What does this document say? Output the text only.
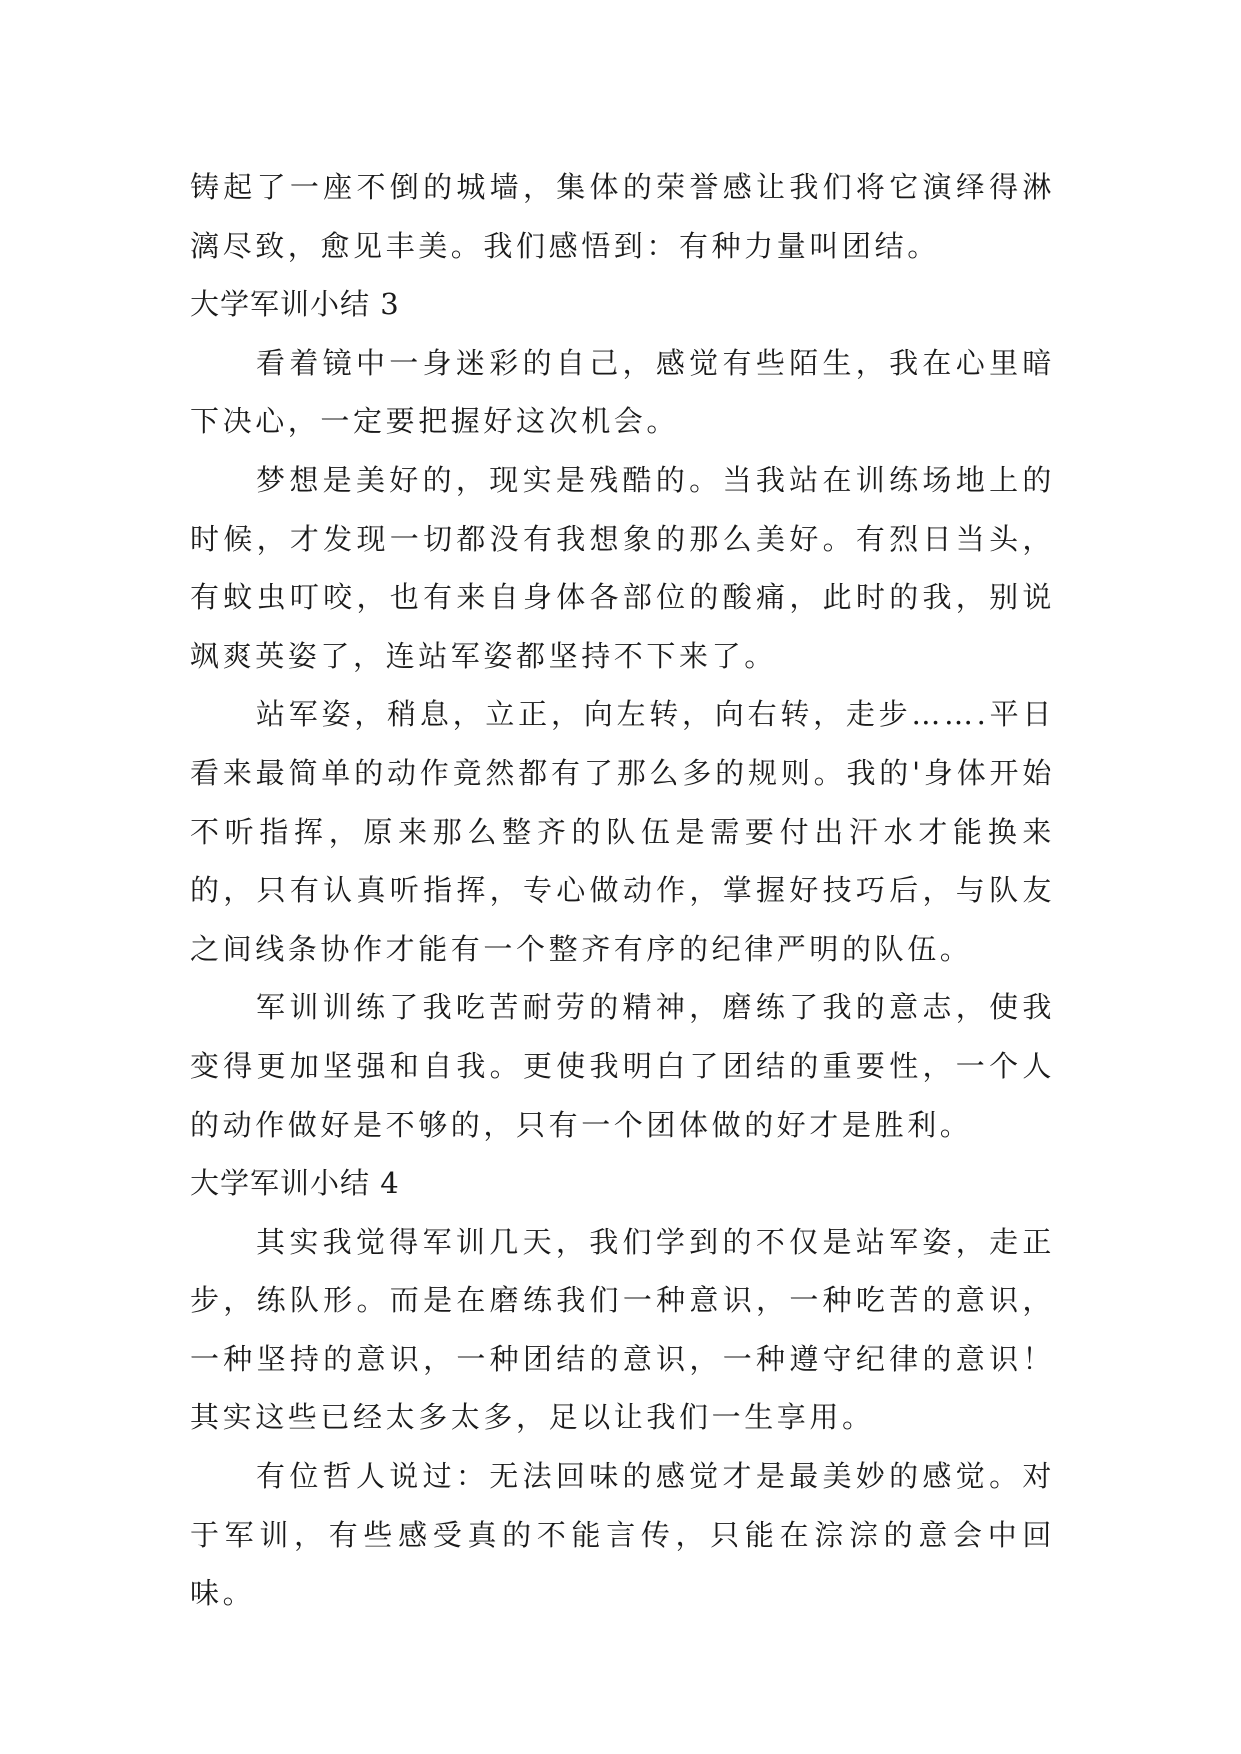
铸起了一座不倒的城墙，集体的荣誉感让我们将它演绎得淋漓尽致，愈见丰美。我们感悟到：有种力量叫团结。

大学军训小结 3

看着镜中一身迷彩的自己，感觉有些陌生，我在心里暗下决心，一定要把握好这次机会。

梦想是美好的，现实是残酷的。当我站在训练场地上的时候，才发现一切都没有我想象的那么美好。有烈日当头，有蚊虫叮咬，也有来自身体各部位的酸痛，此时的我，别说飒爽英姿了，连站军姿都坚持不下来了。

站军姿，稍息，立正，向左转，向右转，走步…….平日看来最简单的动作竟然都有了那么多的规则。我的'身体开始不听指挥，原来那么整齐的队伍是需要付出汗水才能换来的，只有认真听指挥，专心做动作，掌握好技巧后，与队友之间线条协作才能有一个整齐有序的纪律严明的队伍。

军训训练了我吃苦耐劳的精神，磨练了我的意志，使我变得更加坚强和自我。更使我明白了团结的重要性，一个人的动作做好是不够的，只有一个团体做的好才是胜利。

大学军训小结 4

其实我觉得军训几天，我们学到的不仅是站军姿，走正步，练队形。而是在磨练我们一种意识，一种吃苦的意识，一种坚持的意识，一种团结的意识，一种遵守纪律的意识！其实这些已经太多太多，足以让我们一生享用。

有位哲人说过：无法回味的感觉才是最美妙的感觉。对于军训，有些感受真的不能言传，只能在淙淙的意会中回味。
